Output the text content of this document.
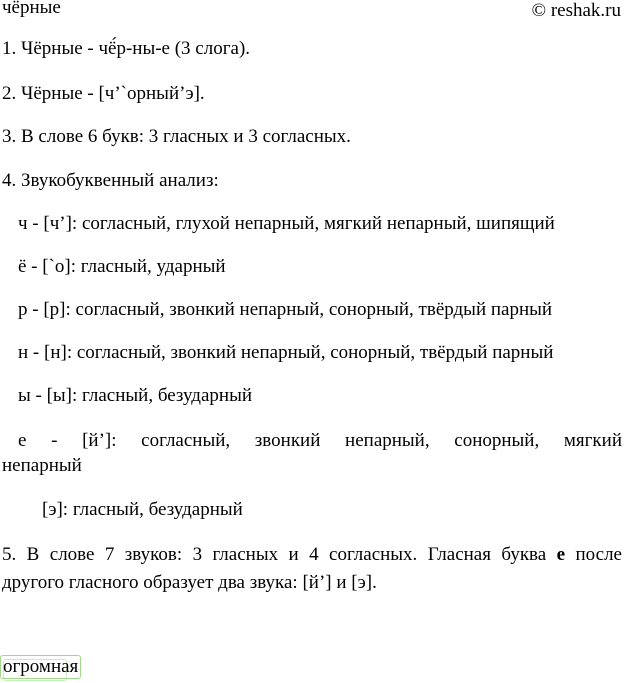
чёрные	© reshak.ru
1. Чёрные - чё́р-ны-е (3 слога).
2. Чёрные - [ч’`орный’э].
3. В слове 6 букв: 3 гласных и 3 согласных.
4. Звукобуквенный анализ:
ч - [ч’]: согласный, глухой непарный, мягкий непарный, шипящий
ё - [`о]: гласный, ударный
р - [р]: согласный, звонкий непарный, сонорный, твёрдый парный
н - [н]: согласный, звонкий непарный, сонорный, твёрдый парный
ы - [ы]: гласный, безударный
е - [й’]: согласный, звонкий непарный, сонорный, мягкий
непарный
[э]: гласный, безударный
5. В слове 7 звуков: 3 гласных и 4 согласных. Гласная буква е после
другого гласного образует два звука: [й’] и [э].
огромная
